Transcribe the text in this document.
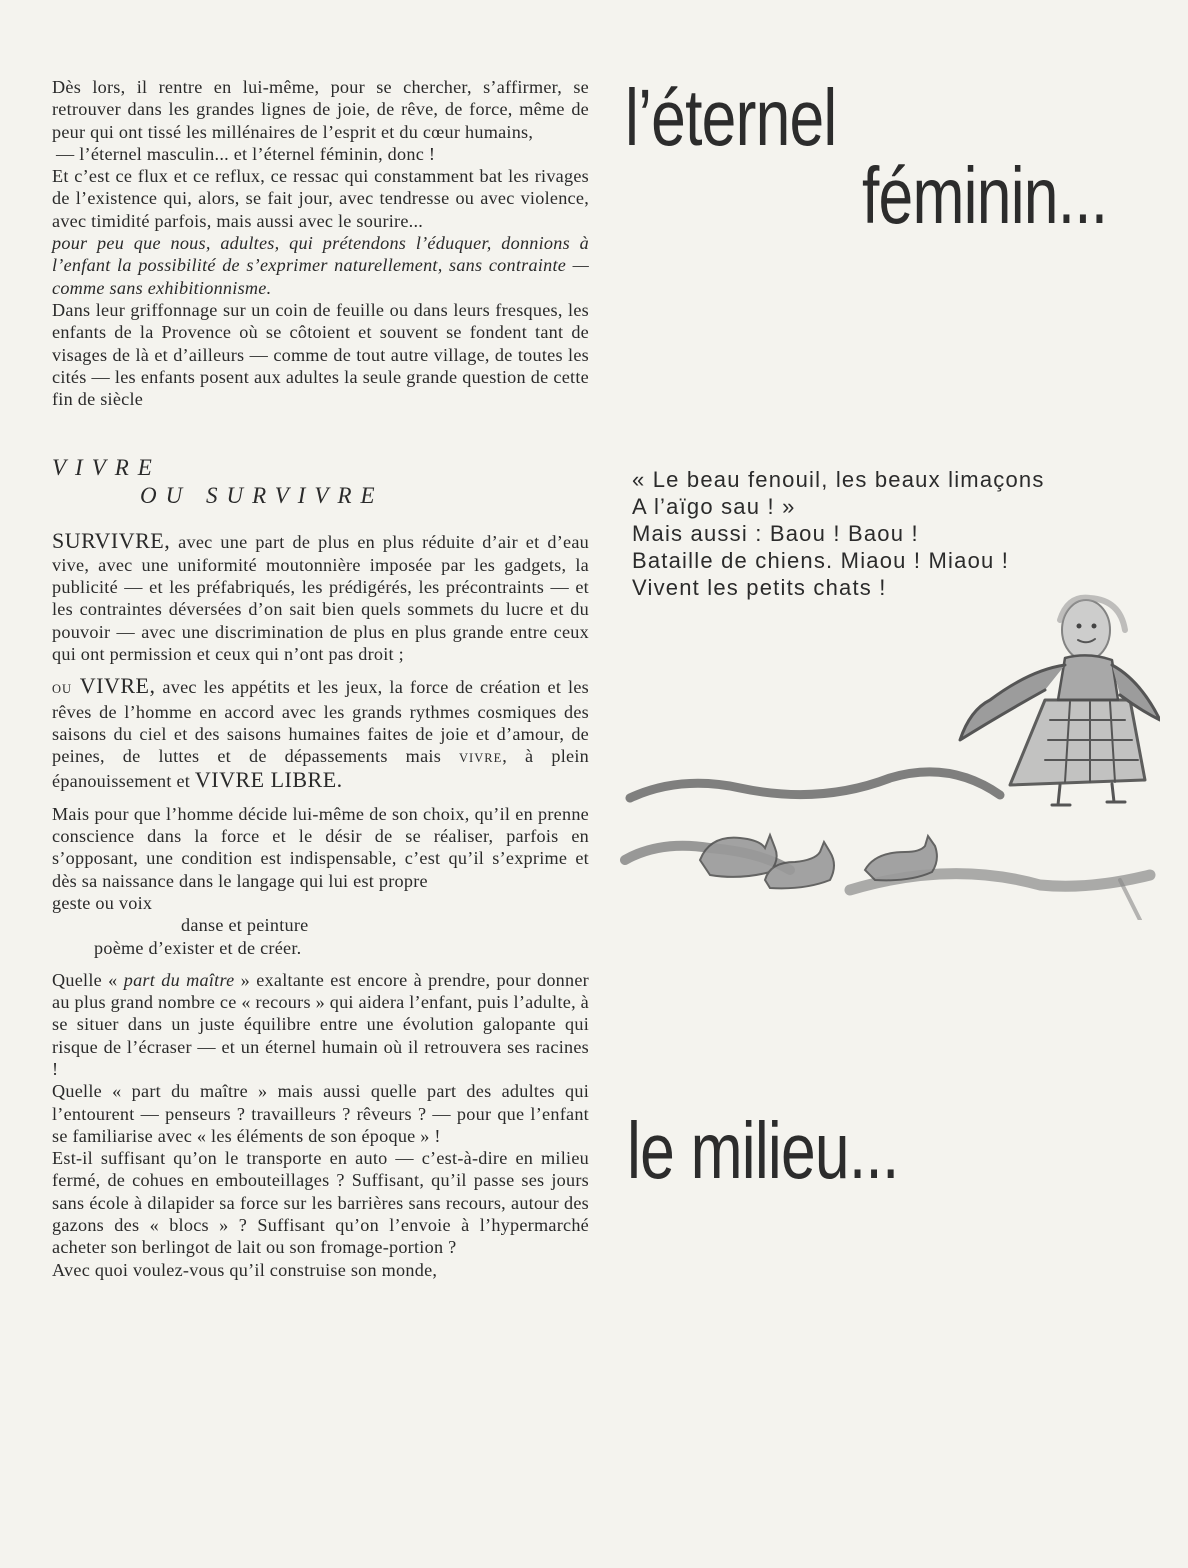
Dès lors, il rentre en lui-même, pour se chercher, s’affirmer, se retrouver dans les grandes lignes de joie, de rêve, de force, même de peur qui ont tissé les millénaires de l’esprit et du cœur humains,

— l’éternel masculin... et l’éternel féminin, donc !

Et c’est ce flux et ce reflux, ce ressac qui constamment bat les rivages de l’existence qui, alors, se fait jour, avec tendresse ou avec violence, avec timidité parfois, mais aussi avec le sourire...

pour peu que nous, adultes, qui prétendons l’éduquer, donnions à l’enfant la possibilité de s’exprimer naturellement, sans contrainte — comme sans exhibitionnisme.

Dans leur griffonnage sur un coin de feuille ou dans leurs fresques, les enfants de la Provence où se côtoient et souvent se fondent tant de visages de là et d’ailleurs — comme de tout autre village, de toutes les cités — les enfants posent aux adultes la seule grande question de cette fin de siècle

VIVRE
OU SURVIVRE

SURVIVRE, avec une part de plus en plus réduite d’air et d’eau vive, avec une uniformité moutonnière imposée par les gadgets, la publicité — et les préfabriqués, les prédigérés, les précontraints — et les contraintes déversées d’on sait bien quels sommets du lucre et du pouvoir — avec une discrimination de plus en plus grande entre ceux qui ont permission et ceux qui n’ont pas droit ;

OU VIVRE, avec les appétits et les jeux, la force de création et les rêves de l’homme en accord avec les grands rythmes cosmiques des saisons du ciel et des saisons humaines faites de joie et d’amour, de peines, de luttes et de dépassements mais VIVRE, à plein épanouissement et VIVRE LIBRE.

Mais pour que l’homme décide lui-même de son choix, qu’il en prenne conscience dans la force et le désir de se réaliser, parfois en s’opposant, une condition est indispensable, c’est qu’il s’exprime et dès sa naissance dans le langage qui lui est propre

geste ou voix
danse et peinture
poème d’exister et de créer.

Quelle « part du maître » exaltante est encore à prendre, pour donner au plus grand nombre ce « recours » qui aidera l’enfant, puis l’adulte, à se situer dans un juste équilibre entre une évolution galopante qui risque de l’écraser — et un éternel humain où il retrouvera ses racines !

Quelle « part du maître » mais aussi quelle part des adultes qui l’entourent — penseurs ? travailleurs ? rêveurs ? — pour que l’enfant se familiarise avec « les éléments de son époque » !

Est-il suffisant qu’on le transporte en auto — c’est-à-dire en milieu fermé, de cohues en embouteillages ? Suffisant, qu’il passe ses jours sans école à dilapider sa force sur les barrières sans recours, autour des gazons des « blocs » ? Suffisant qu’on l’envoie à l’hypermarché acheter son berlingot de lait ou son fromage-portion ?

Avec quoi voulez-vous qu’il construise son monde,

l’éternel
féminin...
le milieu...
« Le beau fenouil, les beaux limaçons
A l’aïgo sau ! »
Mais aussi : Baou ! Baou !
Bataille de chiens. Miaou ! Miaou !
Vivent les petits chats !
